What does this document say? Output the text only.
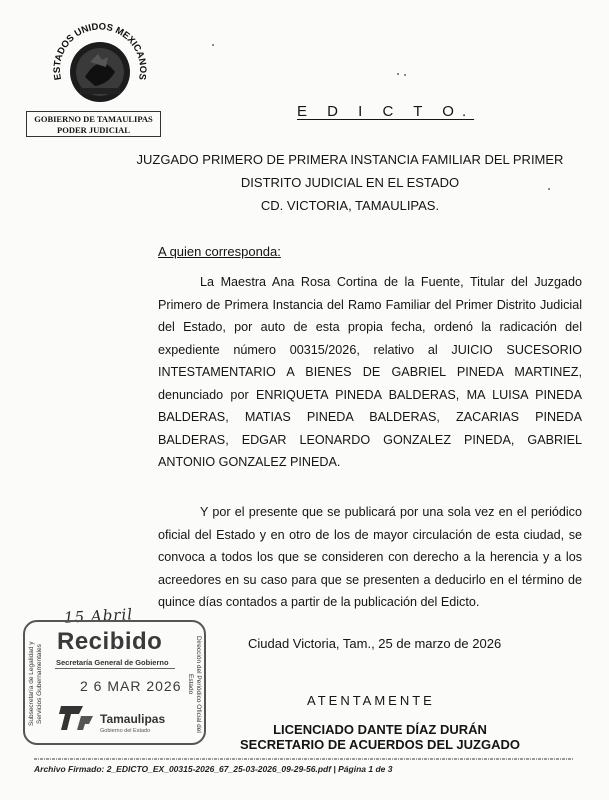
ESTADOS UNIDOS MEXICANOS
GOBIERNO DE TAMAULIPAS
PODER JUDICIAL
E D I C T O.
JUZGADO PRIMERO DE PRIMERA INSTANCIA FAMILIAR DEL PRIMER
DISTRITO JUDICIAL EN EL ESTADO
CD. VICTORIA, TAMAULIPAS.
A quien corresponda:
La Maestra Ana Rosa Cortina de la Fuente, Titular del Juzgado Primero de Primera Instancia del Ramo Familiar del Primer Distrito Judicial del Estado, por auto de esta propia fecha, ordenó la radicación del expediente número 00315/2026, relativo al JUICIO SUCESORIO INTESTAMENTARIO A BIENES DE GABRIEL PINEDA MARTINEZ, denunciado por ENRIQUETA PINEDA BALDERAS, MA LUISA PINEDA BALDERAS, MATIAS PINEDA BALDERAS, ZACARIAS PINEDA BALDERAS, EDGAR LEONARDO GONZALEZ PINEDA, GABRIEL ANTONIO GONZALEZ PINEDA.
Y por el presente que se publicará por una sola vez en el periódico oficial del Estado y en otro de los de mayor circulación de esta ciudad, se convoca a todos los que se consideren con derecho a la herencia y a los acreedores en su caso para que se presenten a deducirlo en el término de quince días contados a partir de la publicación del Edicto.
Ciudad Victoria, Tam., 25 de marzo de 2026
ATENTAMENTE
LICENCIADO DANTE DÍAZ DURÁN
SECRETARIO DE ACUERDOS DEL JUZGADO
15 Abril
Subsecretaría de Legalidad y Servicios Gubernamentales
Recibido
Secretaría General de Gobierno
2 6 MAR 2026
Tamaulipas
Gobierno del Estado	Dirección del Periódico Oficial del Estado
Archivo Firmado: 2_EDICTO_EX_00315-2026_67_25-03-2026_09-29-56.pdf | Página 1 de 3
